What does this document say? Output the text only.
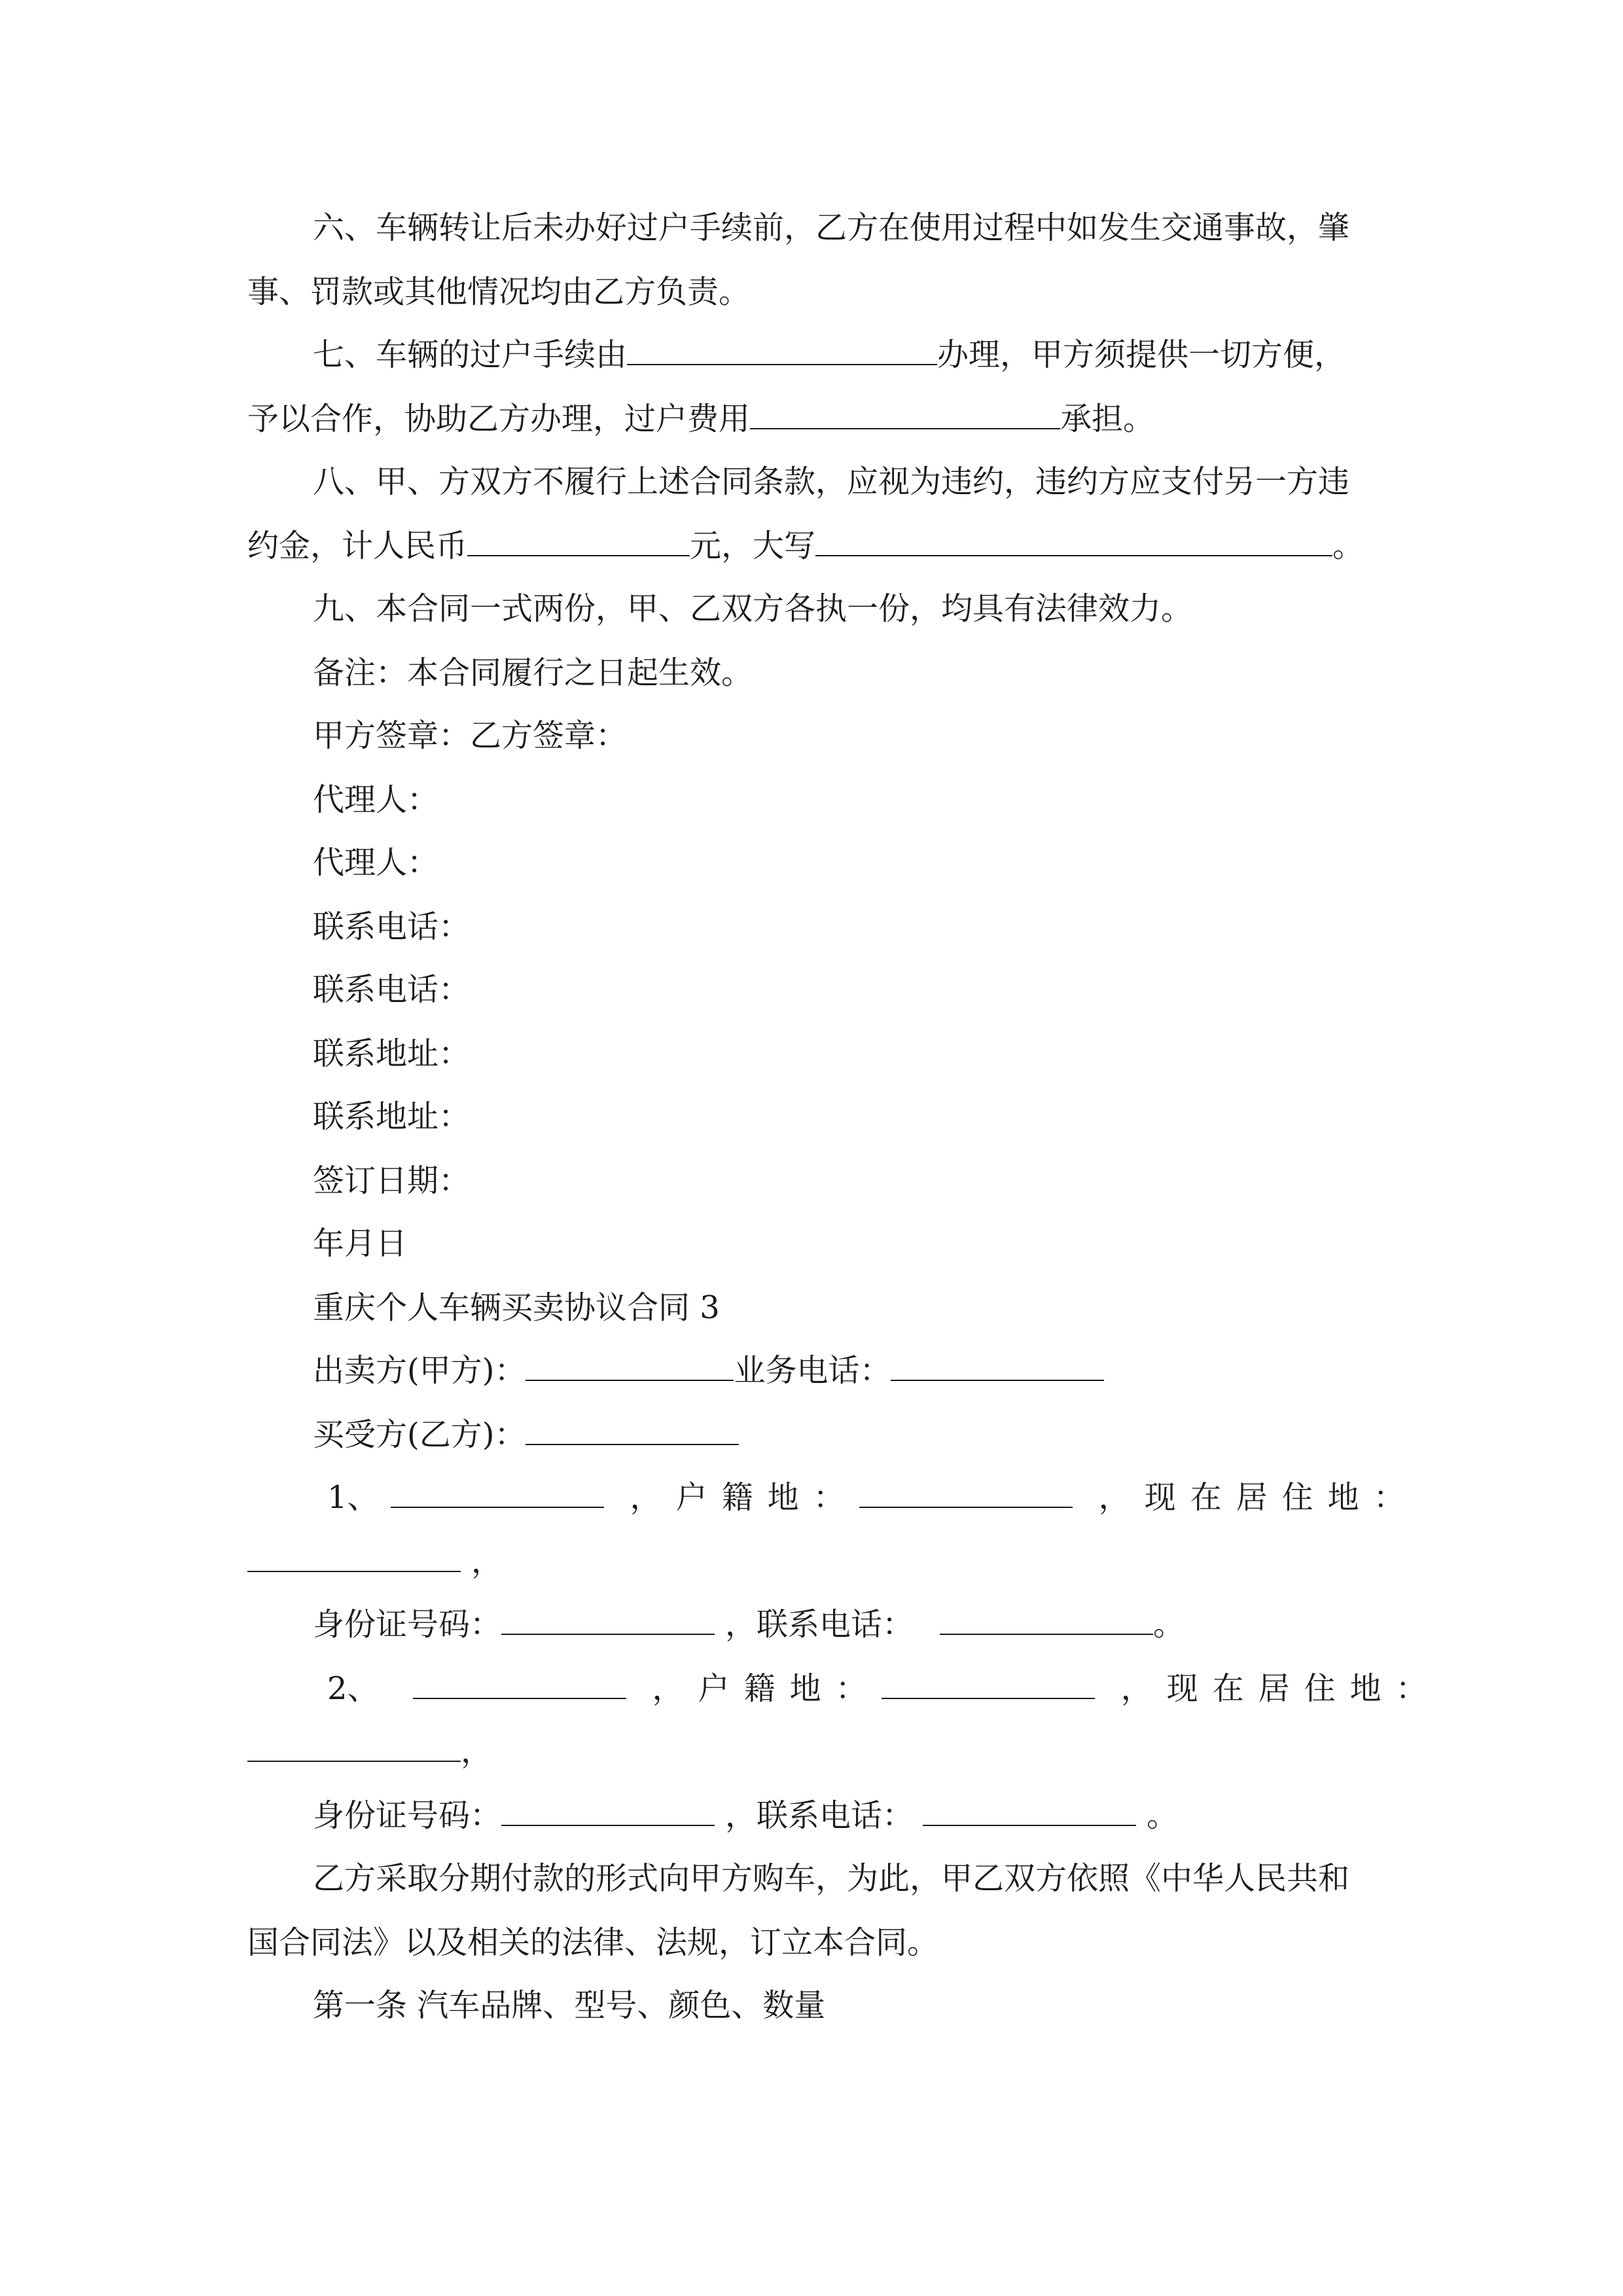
六、车辆转让后未办好过户手续前，乙方在使用过程中如发生交通事故，肇
事、罚款或其他情况均由乙方负责。
七、车辆的过户手续由	办理，甲方须提供一切方便，
予以合作，协助乙方办理，过户费用	承担。
八、甲、方双方不履行上述合同条款，应视为违约，违约方应支付另一方违
约金，计人民币	元，大写	。
九、本合同一式两份，甲、乙双方各执一份，均具有法律效力。
备注：本合同履行之日起生效。
甲方签章：乙方签章：
代理人：
代理人：
联系电话：
联系电话：
联系地址：
联系地址：
签订日期：
年月日
重庆个人车辆买卖协议合同 3
出卖方(甲方)：	业务电话：
买受方(乙方)：
1、	，户籍地：	，现在居住地：
，
身份证号码：	，联系电话：	。
2、	，户籍地：	，现在居住地：
，
身份证号码：	，联系电话：	。
乙方采取分期付款的形式向甲方购车，为此，甲乙双方依照《中华人民共和
国合同法》以及相关的法律、法规，订立本合同。
第一条 汽车品牌、型号、颜色、数量
